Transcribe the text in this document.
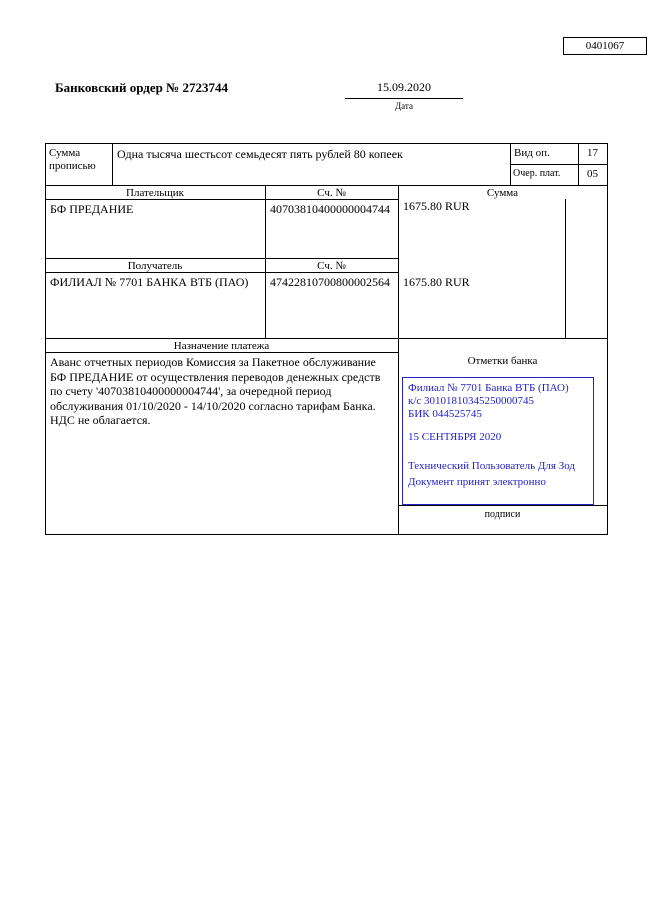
0401067
Банковский ордер № 2723744	15.09.2020
Дата
Сумма прописью
Одна тысяча шестьсот семьдесят пять рублей 80 копеек	Вид оп.	17
Очер. плат.	05
Плательщик	Сч. №	Сумма
БФ ПРЕДАНИЕ	40703810400000004744 1675.80 RUR
Получатель	Сч. №
ФИЛИАЛ № 7701 БАНКА ВТБ (ПАО)	47422810700800002564 1675.80 RUR
Назначение платежа
Аванс отчетных периодов Комиссия за Пакетное обслуживание БФ ПРЕДАНИЕ от осуществления переводов денежных средств по счету '40703810400000004744', за очередной период обслуживания 01/10/2020 - 14/10/2020 согласно тарифам Банка. НДС не облагается.
Отметки банка
Филиал № 7701 Банка ВТБ (ПАО)
к/с 30101810345250000745
БИК 044525745
15 СЕНТЯБРЯ 2020
Технический Пользователь Для Зод
Документ принят электронно
подписи
